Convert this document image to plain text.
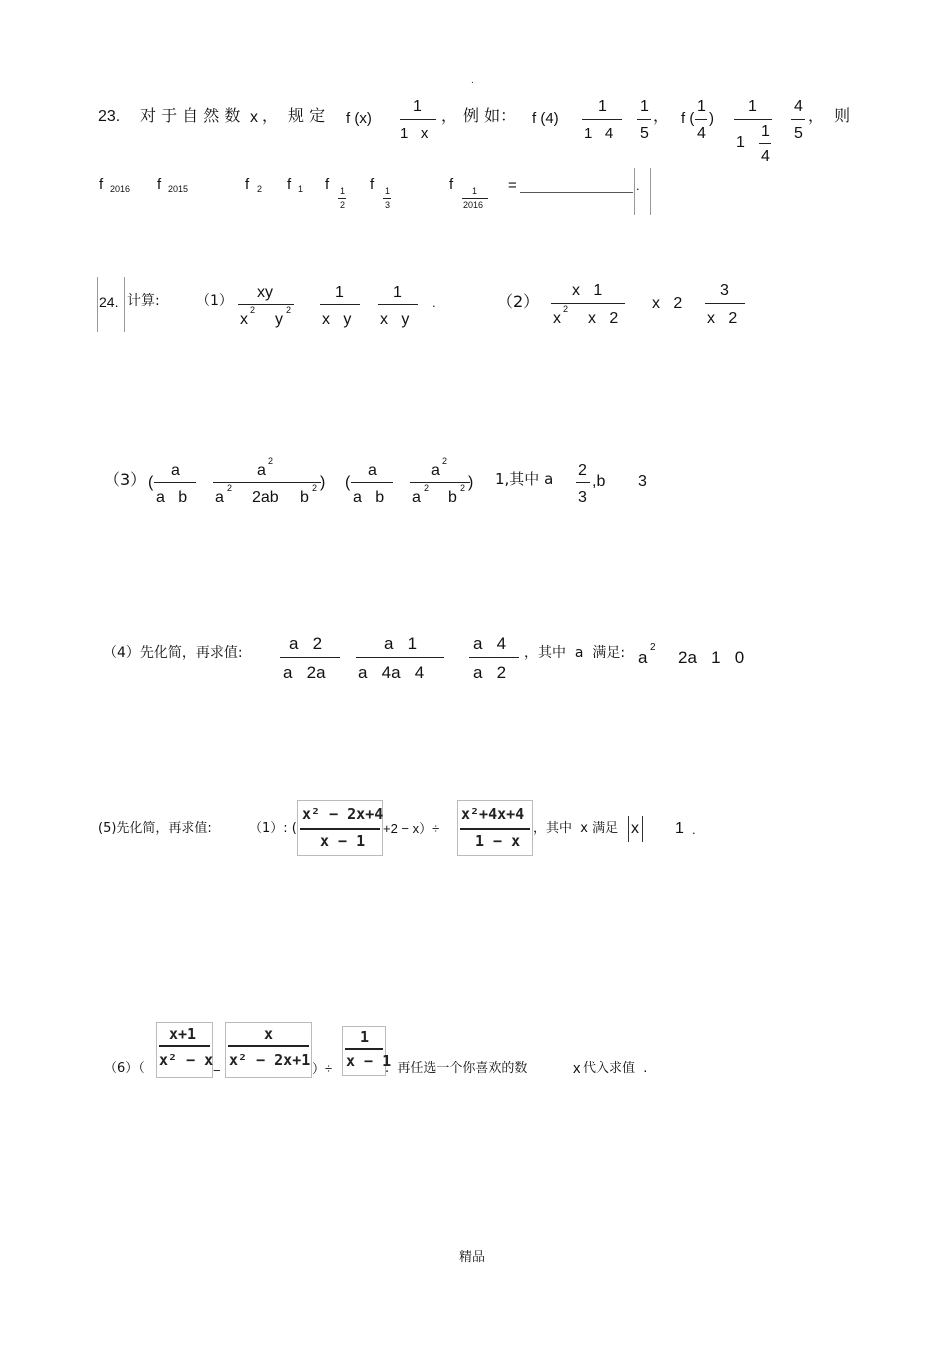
.
23. 对 于 自 然 数 x ， 规 定 f (x)
1
1   x
， 例 如： f (4)
1
1   4
1
5
， f (
1
4
)
1
1
1
4
4
5
，  则
f 2016 f 2015	f 2 f 1 f 1
2
f 1
3
f 1
2016
=	.
24. 计算:	（1） xy
x
2
y
2
1
x   y
1
x   y
.	（2）
x   1
x
2
x   2
x   2
3
x   2
（3） (
a
a   b
a
2
a
2
2ab b
2 ) (
a
a   b
a
2
a
2
b
2 ) 1,其中 a 2
3
,b 3
（4）先化简，再求值:	a   2
a   2a
a   1
a   4a   4
a   4
a   2
，其中  a  满足: a
2
2a   1   0
(5)先化简，再求值:	（1）: (
x² − 2x+4
x − 1
+2 − x）÷
x²+4x+4
1 − x
，其中  x 满足 x 1 .
（6）（
x+1
x² − x
−
x
x² − 2x+1 ）÷
1
x − 1
.  再任选一个你喜欢的数	x 代入求值  .
精品
